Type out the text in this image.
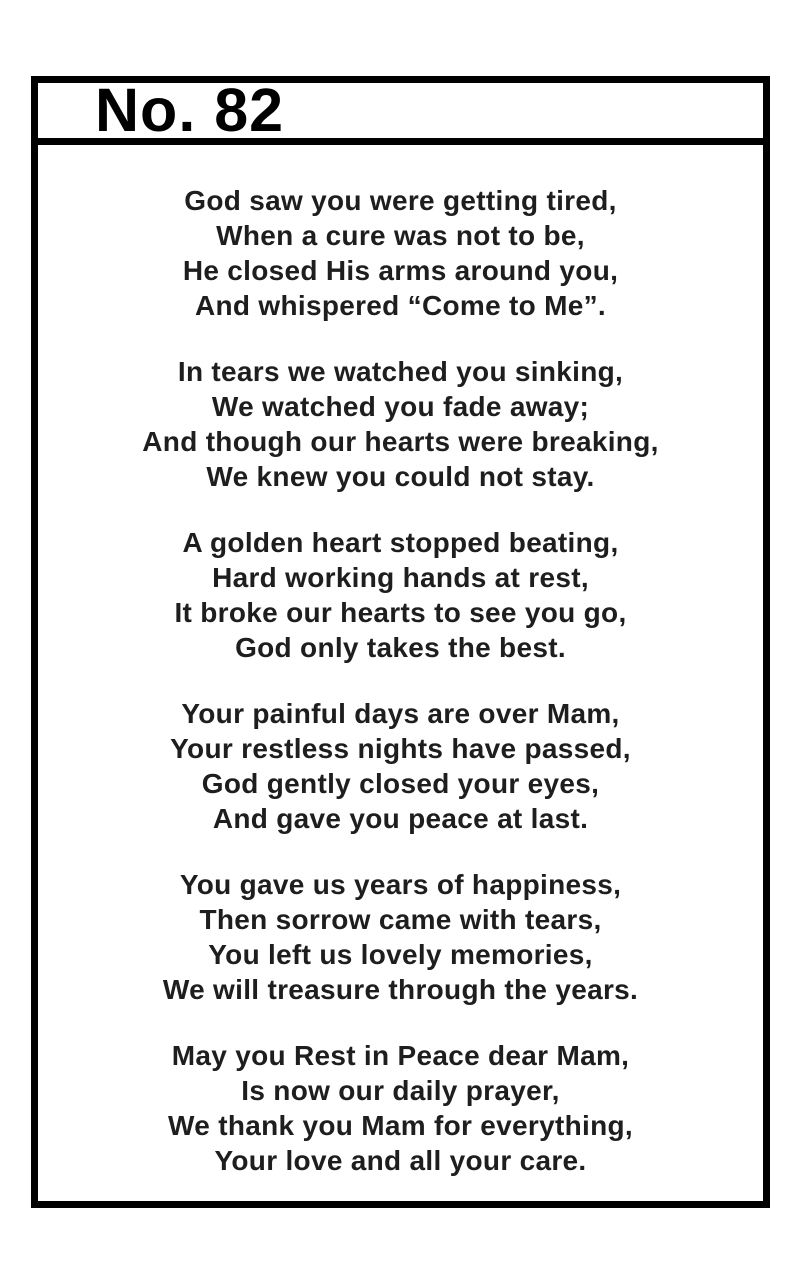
No. 82
God saw you were getting tired,
When a cure was not to be,
He closed His arms around you,
And whispered “Come to Me”.
In tears we watched you sinking,
We watched you fade away;
And though our hearts were breaking,
We knew you could not stay.
A golden heart stopped beating,
Hard working hands at rest,
It broke our hearts to see you go,
God only takes the best.
Your painful days are over Mam,
Your restless nights have passed,
God gently closed your eyes,
And gave you peace at last.
You gave us years of happiness,
Then sorrow came with tears,
You left us lovely memories,
We will treasure through the years.
May you Rest in Peace dear Mam,
Is now our daily prayer,
We thank you Mam for everything,
Your love and all your care.
